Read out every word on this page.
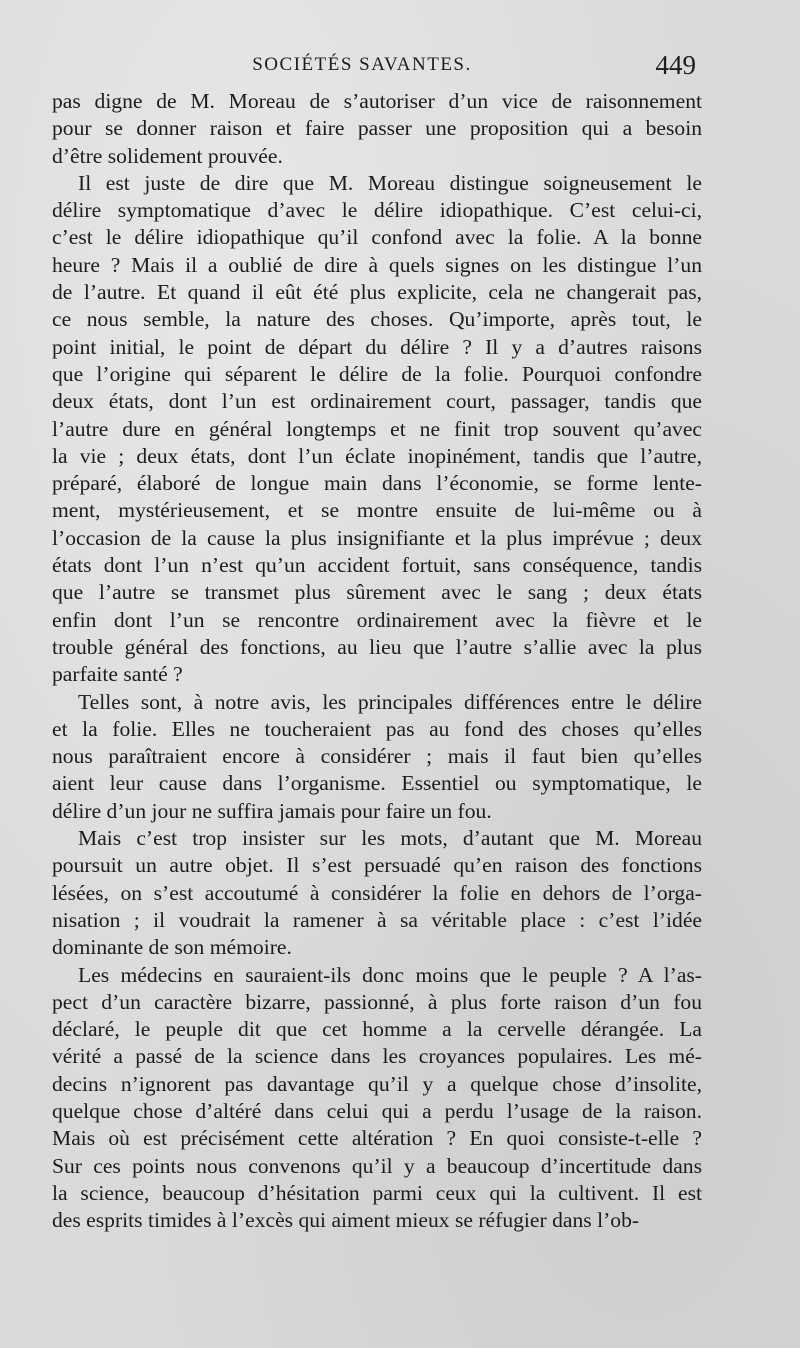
SOCIÉTÉS SAVANTES.	449
pas digne de M. Moreau de s’autoriser d’un vice de raisonnement
pour se donner raison et faire passer une proposition qui a besoin
d’être solidement prouvée.
Il est juste de dire que M. Moreau distingue soigneusement le
délire symptomatique d’avec le délire idiopathique. C’est celui-ci,
c’est le délire idiopathique qu’il confond avec la folie. A la bonne
heure ? Mais il a oublié de dire à quels signes on les distingue l’un
de l’autre. Et quand il eût été plus explicite, cela ne changerait pas,
ce nous semble, la nature des choses. Qu’importe, après tout, le
point initial, le point de départ du délire ? Il y a d’autres raisons
que l’origine qui séparent le délire de la folie. Pourquoi confondre
deux états, dont l’un est ordinairement court, passager, tandis que
l’autre dure en général longtemps et ne finit trop souvent qu’avec
la vie ; deux états, dont l’un éclate inopinément, tandis que l’autre,
préparé, élaboré de longue main dans l’économie, se forme lente-
ment, mystérieusement, et se montre ensuite de lui-même ou à
l’occasion de la cause la plus insignifiante et la plus imprévue ; deux
états dont l’un n’est qu’un accident fortuit, sans conséquence, tandis
que l’autre se transmet plus sûrement avec le sang ; deux états
enfin dont l’un se rencontre ordinairement avec la fièvre et le
trouble général des fonctions, au lieu que l’autre s’allie avec la plus
parfaite santé ?
Telles sont, à notre avis, les principales différences entre le délire
et la folie. Elles ne toucheraient pas au fond des choses qu’elles
nous paraîtraient encore à considérer ; mais il faut bien qu’elles
aient leur cause dans l’organisme. Essentiel ou symptomatique, le
délire d’un jour ne suffira jamais pour faire un fou.
Mais c’est trop insister sur les mots, d’autant que M. Moreau
poursuit un autre objet. Il s’est persuadé qu’en raison des fonctions
lésées, on s’est accoutumé à considérer la folie en dehors de l’orga-
nisation ; il voudrait la ramener à sa véritable place : c’est l’idée
dominante de son mémoire.
Les médecins en sauraient-ils donc moins que le peuple ? A l’as-
pect d’un caractère bizarre, passionné, à plus forte raison d’un fou
déclaré, le peuple dit que cet homme a la cervelle dérangée. La
vérité a passé de la science dans les croyances populaires. Les mé-
decins n’ignorent pas davantage qu’il y a quelque chose d’insolite,
quelque chose d’altéré dans celui qui a perdu l’usage de la raison.
Mais où est précisément cette altération ? En quoi consiste-t-elle ?
Sur ces points nous convenons qu’il y a beaucoup d’incertitude dans
la science, beaucoup d’hésitation parmi ceux qui la cultivent. Il est
des esprits timides à l’excès qui aiment mieux se réfugier dans l’ob-
